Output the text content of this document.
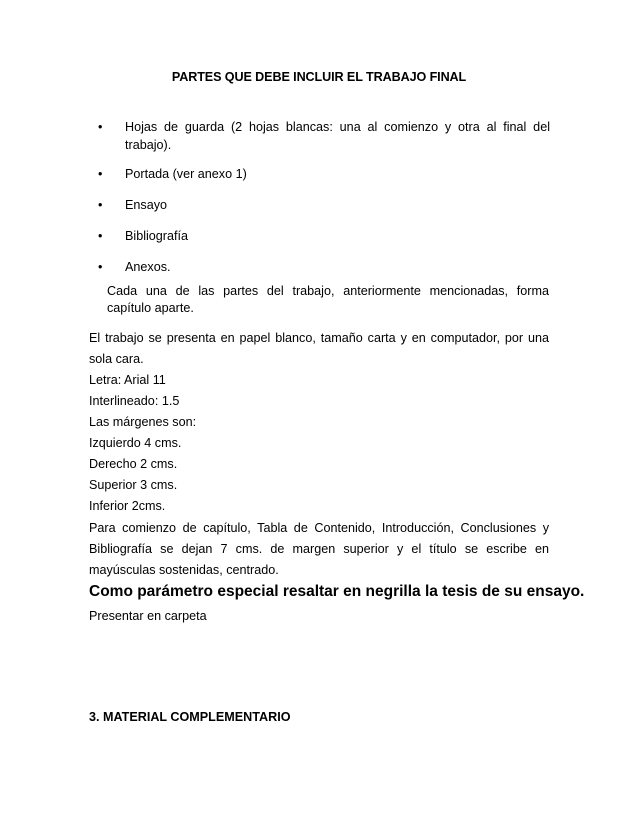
PARTES QUE DEBE INCLUIR EL TRABAJO FINAL
• Hojas de guarda (2 hojas blancas: una al comienzo y otra al final del trabajo).
• Portada (ver anexo 1)
• Ensayo
• Bibliografía
• Anexos.
Cada una de las partes del trabajo, anteriormente mencionadas, forma capítulo aparte.
El trabajo se presenta en papel blanco, tamaño carta y en computador, por una sola cara.
Letra: Arial 11
Interlineado: 1.5
Las márgenes son:
Izquierdo 4 cms.
Derecho 2 cms.
Superior 3 cms.
Inferior 2cms.
Para comienzo de capítulo, Tabla de Contenido, Introducción, Conclusiones y Bibliografía se dejan 7 cms. de margen superior y el título se escribe en mayúsculas sostenidas, centrado.
Como parámetro especial resaltar en negrilla la tesis de su ensayo.
Presentar en carpeta
3. MATERIAL COMPLEMENTARIO
